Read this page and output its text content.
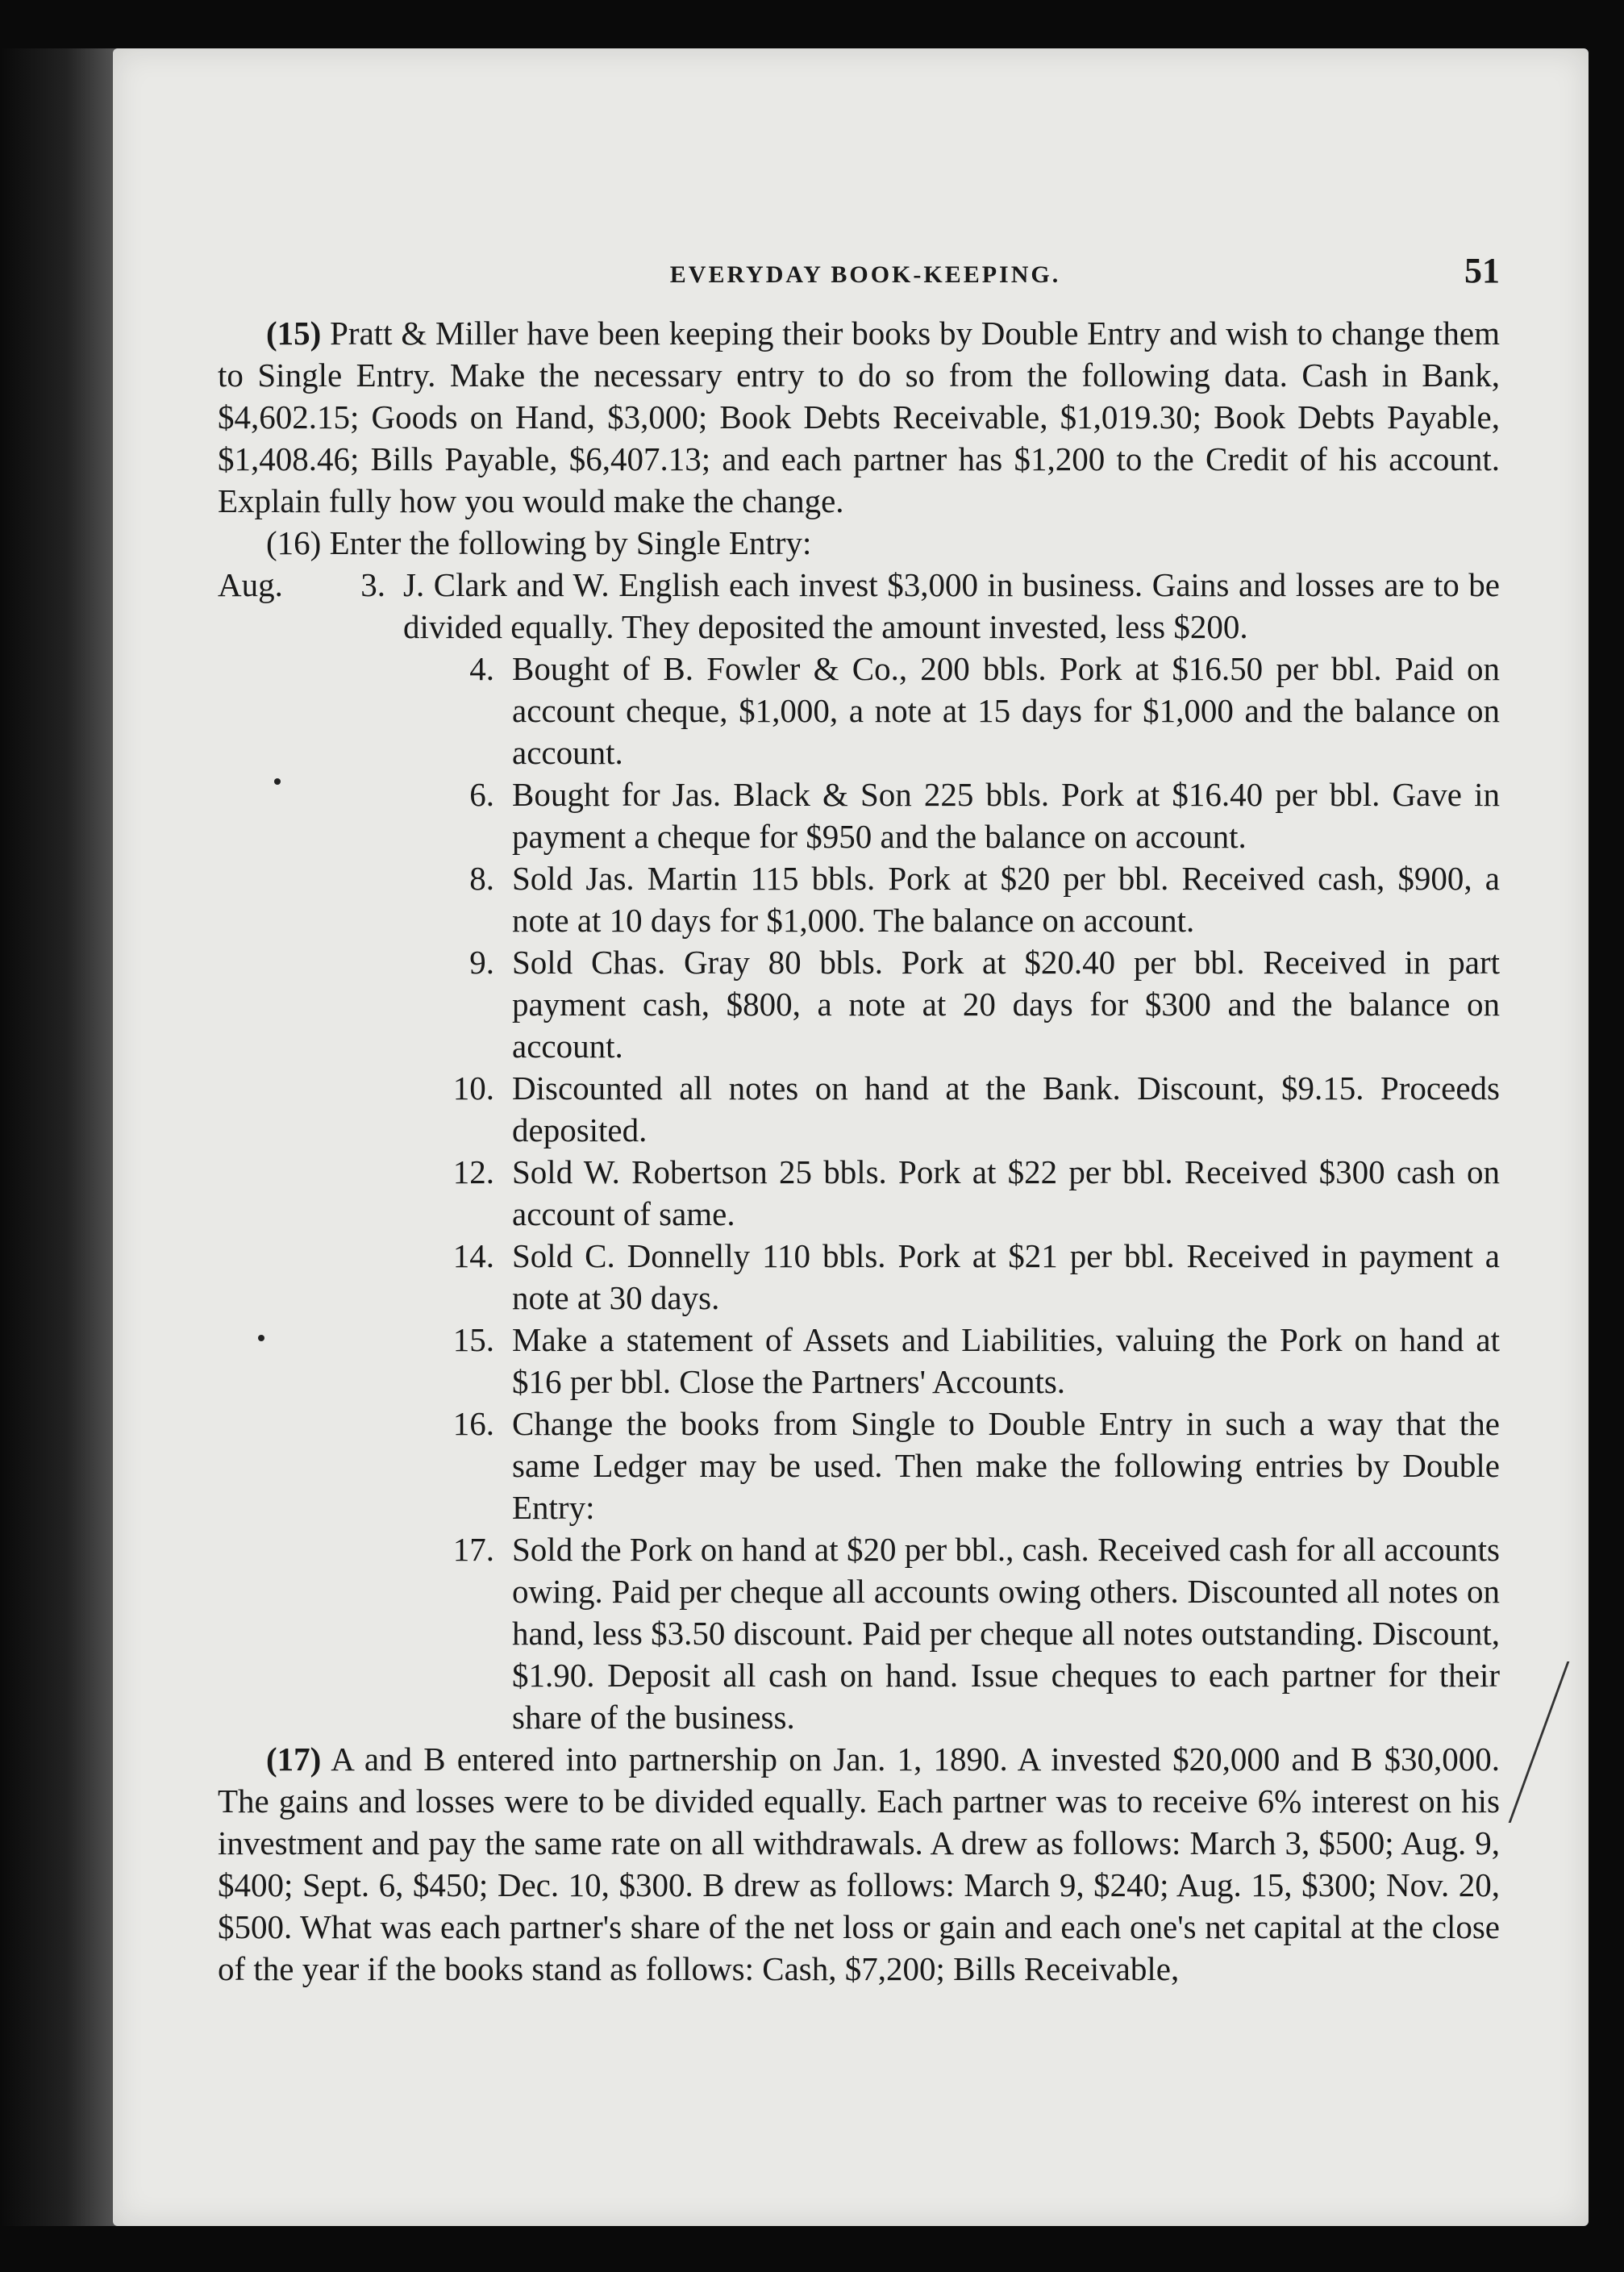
EVERYDAY BOOK-KEEPING.	51

(15) Pratt & Miller have been keeping their books by Double Entry and wish to change them to Single Entry. Make the necessary entry to do so from the following data. Cash in Bank, $4,602.15; Goods on Hand, $3,000; Book Debts Receivable, $1,019.30; Book Debts Payable, $1,408.46; Bills Payable, $6,407.13; and each partner has $1,200 to the Credit of his account. Explain fully how you would make the change.

(16) Enter the following by Single Entry:

Aug.	3. J. Clark and W. English each invest $3,000 in business. Gains and losses are to be divided equally. They deposited the amount invested, less $200.
4. Bought of B. Fowler & Co., 200 bbls. Pork at $16.50 per bbl. Paid on account cheque, $1,000, a note at 15 days for $1,000 and the balance on account.
6. Bought for Jas. Black & Son 225 bbls. Pork at $16.40 per bbl. Gave in payment a cheque for $950 and the balance on account.
8. Sold Jas. Martin 115 bbls. Pork at $20 per bbl. Received cash, $900, a note at 10 days for $1,000. The balance on account.
9. Sold Chas. Gray 80 bbls. Pork at $20.40 per bbl. Received in part payment cash, $800, a note at 20 days for $300 and the balance on account.
10. Discounted all notes on hand at the Bank. Discount, $9.15. Proceeds deposited.
12. Sold W. Robertson 25 bbls. Pork at $22 per bbl. Received $300 cash on account of same.
14. Sold C. Donnelly 110 bbls. Pork at $21 per bbl. Received in payment a note at 30 days.
15. Make a statement of Assets and Liabilities, valuing the Pork on hand at $16 per bbl. Close the Partners' Accounts.
16. Change the books from Single to Double Entry in such a way that the same Ledger may be used. Then make the following entries by Double Entry:
17. Sold the Pork on hand at $20 per bbl., cash. Received cash for all accounts owing. Paid per cheque all accounts owing others. Discounted all notes on hand, less $3.50 discount. Paid per cheque all notes outstanding. Discount, $1.90. Deposit all cash on hand. Issue cheques to each partner for their share of the business.

(17) A and B entered into partnership on Jan. 1, 1890. A invested $20,000 and B $30,000. The gains and losses were to be divided equally. Each partner was to receive 6% interest on his investment and pay the same rate on all withdrawals. A drew as follows: March 3, $500; Aug. 9, $400; Sept. 6, $450; Dec. 10, $300. B drew as follows: March 9, $240; Aug. 15, $300; Nov. 20, $500. What was each partner's share of the net loss or gain and each one's net capital at the close of the year if the books stand as follows: Cash, $7,200; Bills Receivable,
